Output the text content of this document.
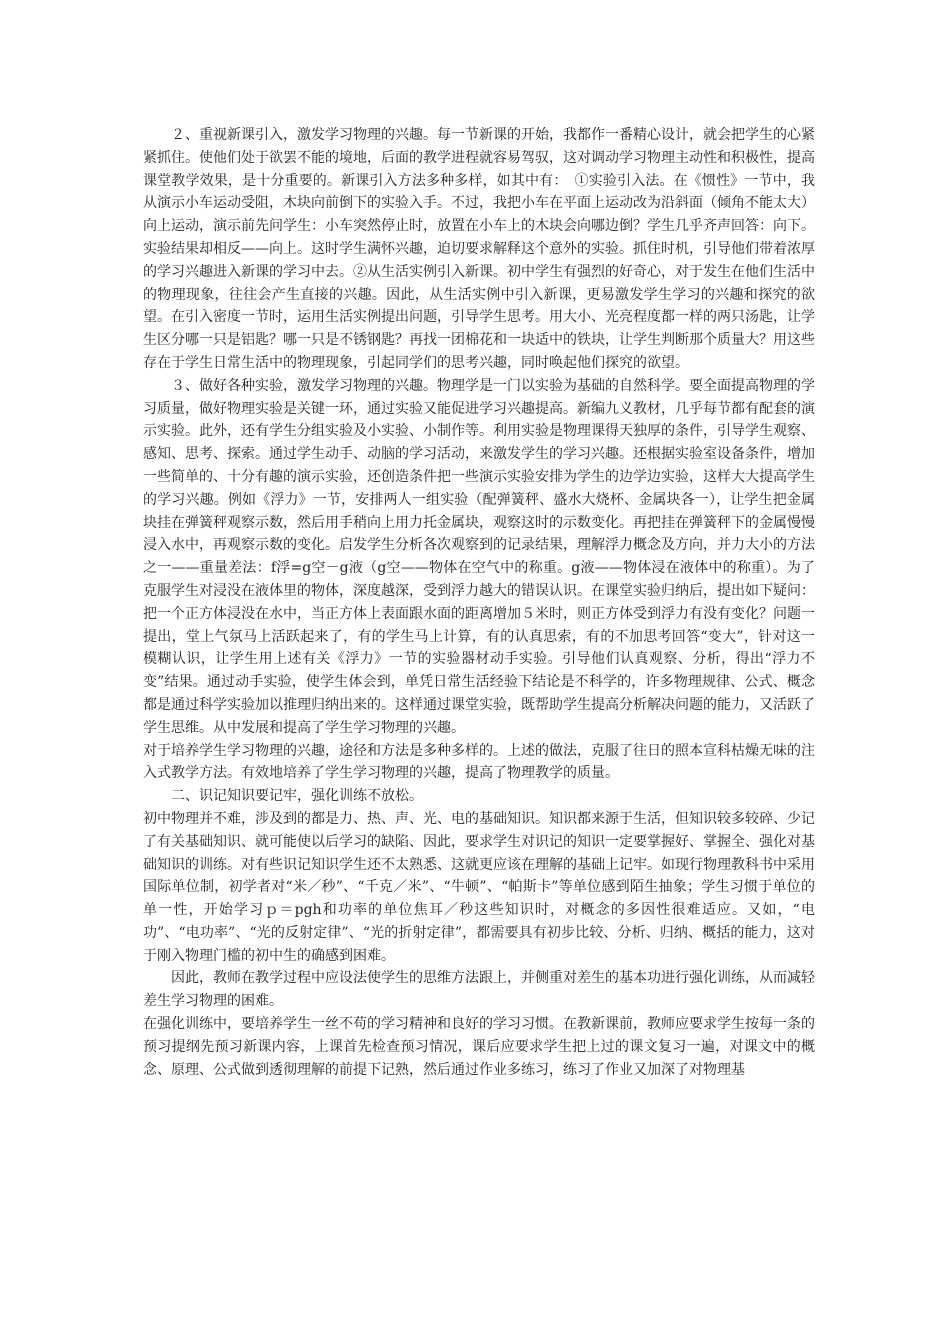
２、重视新课引入，激发学习物理的兴趣。每一节新课的开始，我都作一番精心设计，就会把学生的心紧紧抓住。使他们处于欲罢不能的境地，后面的教学进程就容易驾驭，这对调动学习物理主动性和积极性，提高课堂教学效果，是十分重要的。新课引入方法多种多样，如其中有：　①实验引入法。在《惯性》一节中，我从演示小车运动受阻，木块向前倒下的实验入手。不过，我把小车在平面上运动改为沿斜面（倾角不能太大）向上运动，演示前先问学生：小车突然停止时，放置在小车上的木块会向哪边倒？学生几乎齐声回答：向下。实验结果却相反——向上。这时学生满怀兴趣，迫切要求解释这个意外的实验。抓住时机，引导他们带着浓厚的学习兴趣进入新课的学习中去。②从生活实例引入新课。初中学生有强烈的好奇心，对于发生在他们生活中的物理现象，往往会产生直接的兴趣。因此，从生活实例中引入新课，更易激发学生学习的兴趣和探究的欲望。在引入密度一节时，运用生活实例提出问题，引导学生思考。用大小、光亮程度都一样的两只汤匙，让学生区分哪一只是铝匙？哪一只是不锈钢匙？再找一团棉花和一块适中的铁块，让学生判断那个质量大？用这些存在于学生日常生活中的物理现象，引起同学们的思考兴趣，同时唤起他们探究的欲望。

３、做好各种实验，激发学习物理的兴趣。物理学是一门以实验为基础的自然科学。要全面提高物理的学习质量，做好物理实验是关键一环，通过实验又能促进学习兴趣提高。新编九义教材，几乎每节都有配套的演示实验。此外，还有学生分组实验及小实验、小制作等。利用实验是物理课得天独厚的条件，引导学生观察、感知、思考、探索。通过学生动手、动脑的学习活动，来激发学生的学习兴趣。还根据实验室设备条件，增加一些简单的、十分有趣的演示实验，还创造条件把一些演示实验安排为学生的边学边实验，这样大大提高学生的学习兴趣。例如《浮力》一节，安排两人一组实验（配弹簧秤、盛水大烧杯、金属块各一），让学生把金属块挂在弹簧秤观察示数，然后用手稍向上用力托金属块，观察这时的示数变化。再把挂在弹簧秤下的金属慢慢浸入水中，再观察示数的变化。启发学生分析各次观察到的记录结果，理解浮力概念及方向，并力大小的方法之一——重量差法：f浮=g空－g液（g空——物体在空气中的称重。g液——物体浸在液体中的称重）。为了克服学生对浸没在液体里的物体，深度越深，受到浮力越大的错误认识。在课堂实验归纳后，提出如下疑问：把一个正方体浸没在水中，当正方体上表面跟水面的距离增加５米时，则正方体受到浮力有没有变化？问题一提出，堂上气氛马上活跃起来了，有的学生马上计算，有的认真思索，有的不加思考回答“变大”，针对这一模糊认识，让学生用上述有关《浮力》一节的实验器材动手实验。引导他们认真观察、分析，得出“浮力不变”结果。通过动手实验，使学生体会到，单凭日常生活经验下结论是不科学的，许多物理规律、公式、概念都是通过科学实验加以推理归纳出来的。这样通过课堂实验，既帮助学生提高分析解决问题的能力，又活跃了学生思维。从中发展和提高了学生学习物理的兴趣。

对于培养学生学习物理的兴趣，途径和方法是多种多样的。上述的做法，克服了往日的照本宣科枯燥无味的注入式教学方法。有效地培养了学生学习物理的兴趣，提高了物理教学的质量。

二、识记知识要记牢，强化训练不放松。

初中物理并不难，涉及到的都是力、热、声、光、电的基础知识。知识都来源于生活，但知识较多较碎、少记了有关基础知识、就可能使以后学习的缺陷、因此，要求学生对识记的知识一定要掌握好、掌握全、强化对基础知识的训练。对有些识记知识学生还不太熟悉、这就更应该在理解的基础上记牢。如现行物理教科书中采用国际单位制，初学者对“米／秒”、“千克／米”、“牛顿”、“帕斯卡”等单位感到陌生抽象；学生习惯于单位的单一性，开始学习ｐ＝pgh和功率的单位焦耳／秒这些知识时，对概念的多因性很难适应。又如，“电功”、“电功率”、“光的反射定律”、“光的折射定律”，都需要具有初步比较、分析、归纳、概括的能力，这对于刚入物理门槛的初中生的确感到困难。

因此，教师在教学过程中应设法使学生的思维方法跟上，并侧重对差生的基本功进行强化训练，从而减轻差生学习物理的困难。

在强化训练中，要培养学生一丝不苟的学习精神和良好的学习习惯。在教新课前，教师应要求学生按每一条的预习提纲先预习新课内容，上课首先检查预习情况，课后应要求学生把上过的课文复习一遍，对课文中的概念、原理、公式做到透彻理解的前提下记熟，然后通过作业多练习，练习了作业又加深了对物理基
